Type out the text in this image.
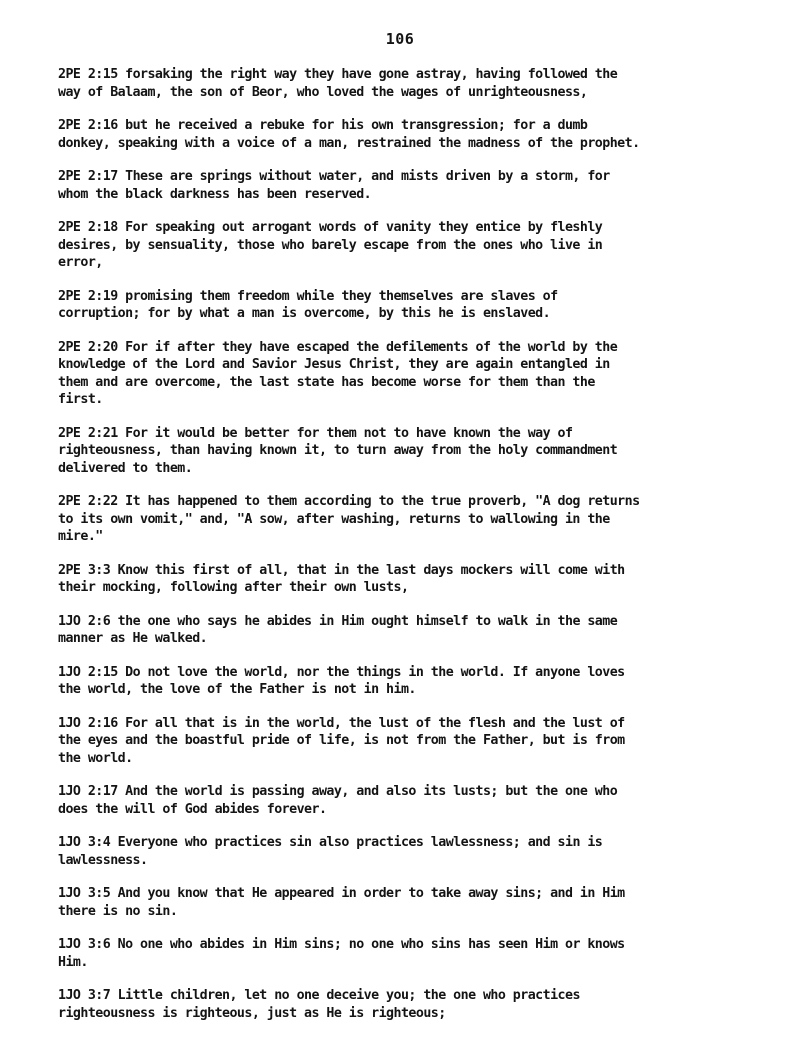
106

2PE 2:15 forsaking the right way they have gone astray, having followed the
way of Balaam, the son of Beor, who loved the wages of unrighteousness,

2PE 2:16 but he received a rebuke for his own transgression; for a dumb
donkey, speaking with a voice of a man, restrained the madness of the prophet.

2PE 2:17 These are springs without water, and mists driven by a storm, for
whom the black darkness has been reserved.

2PE 2:18 For speaking out arrogant words of vanity they entice by fleshly
desires, by sensuality, those who barely escape from the ones who live in
error,

2PE 2:19 promising them freedom while they themselves are slaves of
corruption; for by what a man is overcome, by this he is enslaved.

2PE 2:20 For if after they have escaped the defilements of the world by the
knowledge of the Lord and Savior Jesus Christ, they are again entangled in
them and are overcome, the last state has become worse for them than the
first.

2PE 2:21 For it would be better for them not to have known the way of
righteousness, than having known it, to turn away from the holy commandment
delivered to them.

2PE 2:22 It has happened to them according to the true proverb, "A dog returns
to its own vomit," and, "A sow, after washing, returns to wallowing in the
mire."

2PE 3:3 Know this first of all, that in the last days mockers will come with
their mocking, following after their own lusts,

1JO 2:6 the one who says he abides in Him ought himself to walk in the same
manner as He walked.

1JO 2:15 Do not love the world, nor the things in the world. If anyone loves
the world, the love of the Father is not in him.

1JO 2:16 For all that is in the world, the lust of the flesh and the lust of
the eyes and the boastful pride of life, is not from the Father, but is from
the world.

1JO 2:17 And the world is passing away, and also its lusts; but the one who
does the will of God abides forever.

1JO 3:4 Everyone who practices sin also practices lawlessness; and sin is
lawlessness.

1JO 3:5 And you know that He appeared in order to take away sins; and in Him
there is no sin.

1JO 3:6 No one who abides in Him sins; no one who sins has seen Him or knows
Him.

1JO 3:7 Little children, let no one deceive you; the one who practices
righteousness is righteous, just as He is righteous;
